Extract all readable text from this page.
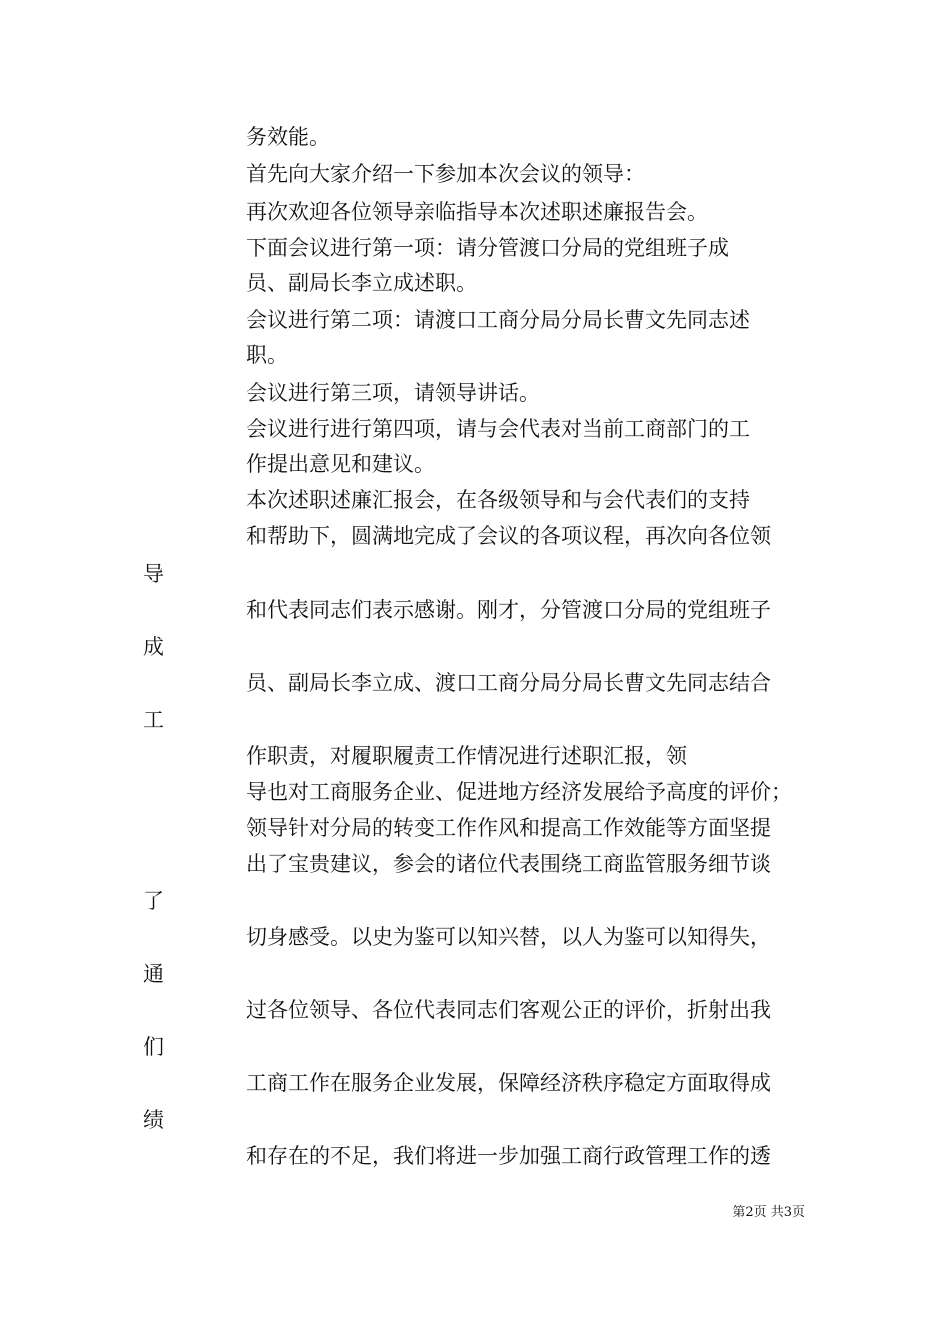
务效能。
首先向大家介绍一下参加本次会议的领导：
再次欢迎各位领导亲临指导本次述职述廉报告会。
下面会议进行第一项：请分管渡口分局的党组班子成
员、副局长李立成述职。
会议进行第二项：请渡口工商分局分局长曹文先同志述
职。
会议进行第三项，请领导讲话。
会议进行进行第四项，请与会代表对当前工商部门的工
作提出意见和建议。
本次述职述廉汇报会，在各级领导和与会代表们的支持
和帮助下，圆满地完成了会议的各项议程，再次向各位领
导
和代表同志们表示感谢。刚才，分管渡口分局的党组班子
成
员、副局长李立成、渡口工商分局分局长曹文先同志结合
工
作职责，对履职履责工作情况进行述职汇报，领
导也对工商服务企业、促进地方经济发展给予高度的评价；
领导针对分局的转变工作作风和提高工作效能等方面坚提
出了宝贵建议，参会的诸位代表围绕工商监管服务细节谈
了
切身感受。以史为鉴可以知兴替，以人为鉴可以知得失，
通
过各位领导、各位代表同志们客观公正的评价，折射出我
们
工商工作在服务企业发展，保障经济秩序稳定方面取得成
绩
和存在的不足，我们将进一步加强工商行政管理工作的透
第2页 共3页
